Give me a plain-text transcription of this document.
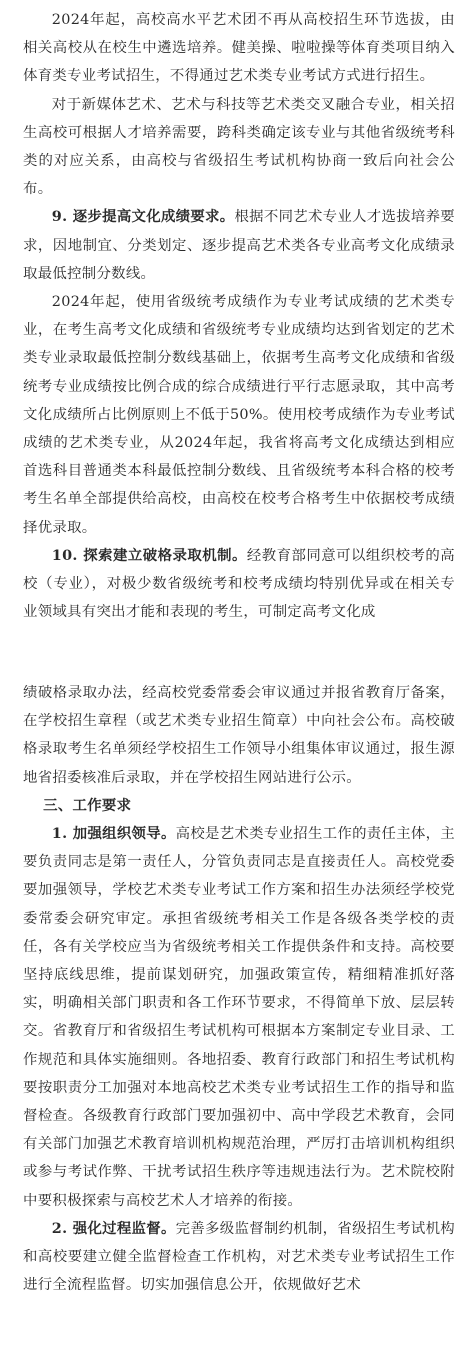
2024年起，高校高水平艺术团不再从高校招生环节选拔，由相关高校从在校生中遴选培养。健美操、啦啦操等体育类项目纳入体育类专业考试招生，不得通过艺术类专业考试方式进行招生。

对于新媒体艺术、艺术与科技等艺术类交叉融合专业，相关招生高校可根据人才培养需要，跨科类确定该专业与其他省级统考科类的对应关系，由高校与省级招生考试机构协商一致后向社会公布。

9. 逐步提高文化成绩要求。根据不同艺术专业人才选拔培养要求，因地制宜、分类划定、逐步提高艺术类各专业高考文化成绩录取最低控制分数线。

2024年起，使用省级统考成绩作为专业考试成绩的艺术类专业，在考生高考文化成绩和省级统考专业成绩均达到省划定的艺术类专业录取最低控制分数线基础上，依据考生高考文化成绩和省级统考专业成绩按比例合成的综合成绩进行平行志愿录取，其中高考文化成绩所占比例原则上不低于50%。使用校考成绩作为专业考试成绩的艺术类专业，从2024年起，我省将高考文化成绩达到相应首选科目普通类本科最低控制分数线、且省级统考本科合格的校考考生名单全部提供给高校，由高校在校考合格考生中依据校考成绩择优录取。

10. 探索建立破格录取机制。经教育部同意可以组织校考的高校（专业），对极少数省级统考和校考成绩均特别优异或在相关专业领域具有突出才能和表现的考生，可制定高考文化成

绩破格录取办法，经高校党委常委会审议通过并报省教育厅备案，在学校招生章程（或艺术类专业招生简章）中向社会公布。高校破格录取考生名单须经学校招生工作领导小组集体审议通过，报生源地省招委核准后录取，并在学校招生网站进行公示。

三、工作要求

1. 加强组织领导。高校是艺术类专业招生工作的责任主体，主要负责同志是第一责任人，分管负责同志是直接责任人。高校党委要加强领导，学校艺术类专业考试工作方案和招生办法须经学校党委常委会研究审定。承担省级统考相关工作是各级各类学校的责任，各有关学校应当为省级统考相关工作提供条件和支持。高校要坚持底线思维，提前谋划研究，加强政策宣传，精细精准抓好落实，明确相关部门职责和各工作环节要求，不得简单下放、层层转交。省教育厅和省级招生考试机构可根据本方案制定专业目录、工作规范和具体实施细则。各地招委、教育行政部门和招生考试机构要按职责分工加强对本地高校艺术类专业考试招生工作的指导和监督检查。各级教育行政部门要加强初中、高中学段艺术教育，会同有关部门加强艺术教育培训机构规范治理，严厉打击培训机构组织或参与考试作弊、干扰考试招生秩序等违规违法行为。艺术院校附中要积极探索与高校艺术人才培养的衔接。

2. 强化过程监督。完善多级监督制约机制，省级招生考试机构和高校要建立健全监督检查工作机构，对艺术类专业考试招生工作进行全流程监督。切实加强信息公开，依规做好艺术
